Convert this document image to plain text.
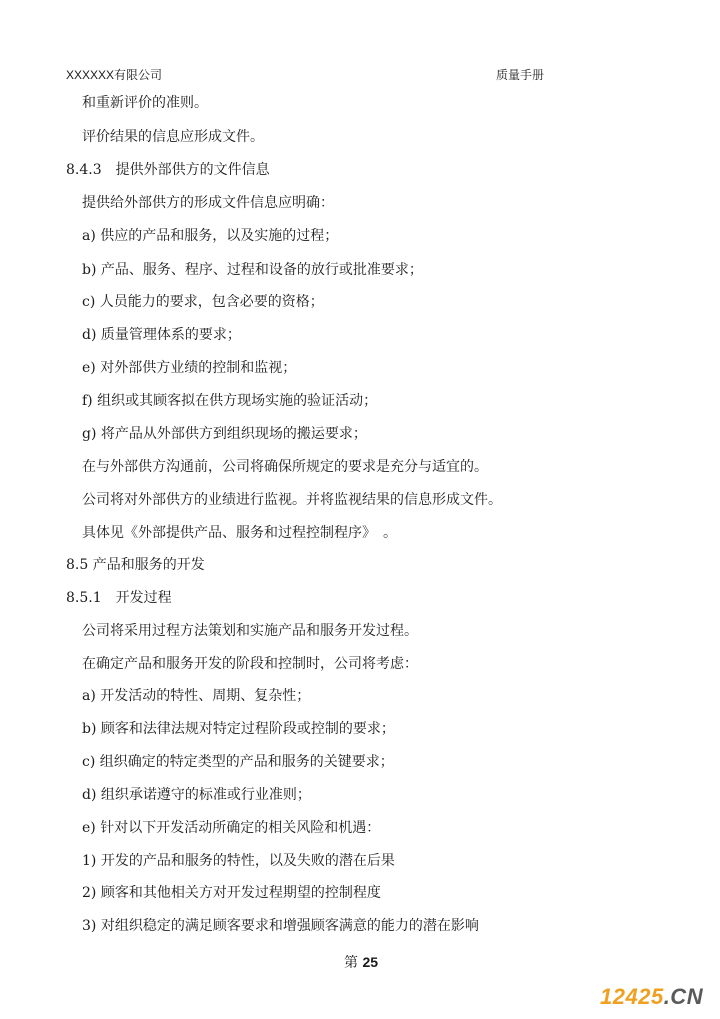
XXXXXX有限公司	质量手册
和重新评价的准则。
评价结果的信息应形成文件。
8.4.3　提供外部供方的文件信息
提供给外部供方的形成文件信息应明确：
a) 供应的产品和服务，以及实施的过程；
b) 产品、服务、程序、过程和设备的放行或批准要求；
c) 人员能力的要求，包含必要的资格；
d) 质量管理体系的要求；
e) 对外部供方业绩的控制和监视；
f) 组织或其顾客拟在供方现场实施的验证活动；
g) 将产品从外部供方到组织现场的搬运要求；
在与外部供方沟通前，公司将确保所规定的要求是充分与适宜的。
公司将对外部供方的业绩进行监视。并将监视结果的信息形成文件。
具体见《外部提供产品、服务和过程控制程序》　。
8.5 产品和服务的开发
8.5.1　开发过程
公司将采用过程方法策划和实施产品和服务开发过程。
在确定产品和服务开发的阶段和控制时，公司将考虑：
a) 开发活动的特性、周期、复杂性；
b) 顾客和法律法规对特定过程阶段或控制的要求；
c) 组织确定的特定类型的产品和服务的关键要求；
d) 组织承诺遵守的标准或行业准则；
e) 针对以下开发活动所确定的相关风险和机遇：
1) 开发的产品和服务的特性，以及失败的潜在后果
2) 顾客和其他相关方对开发过程期望的控制程度
3) 对组织稳定的满足顾客要求和增强顾客满意的能力的潜在影响
第 25
12425.CN
